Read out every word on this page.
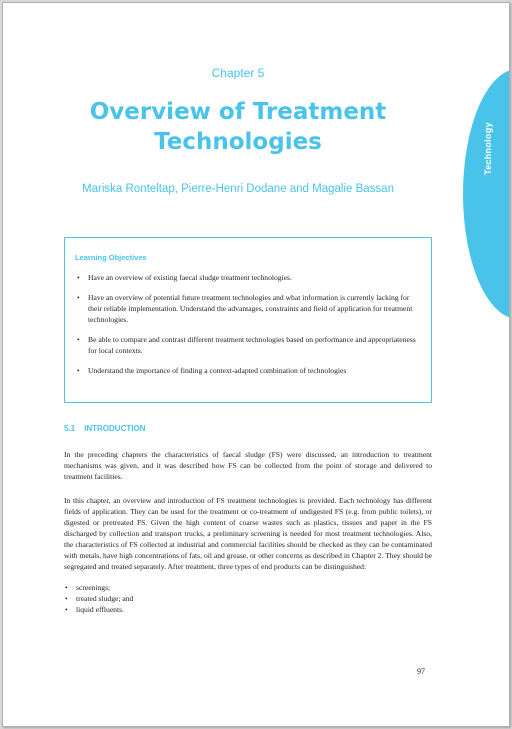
Technology
Chapter 5
Overview of Treatment
Technologies
Mariska Ronteltap, Pierre-Henri Dodane and Magalie Bassan
Learning Objectives
• Have an overview of existing faecal sludge treatment technologies.
• Have an overview of potential future treatment technologies and what information is currently lacking for their reliable implementation. Understand the advantages, constraints and field of application for treatment technologies.
• Be able to compare and contrast different treatment technologies based on performance and appropriateness for local contexts.
• Understand the importance of finding a context-adapted combination of technologies
5.1 INTRODUCTION

In the preceding chapters the characteristics of faecal sludge (FS) were discussed, an introduction to treatment mechanisms was given, and it was described how FS can be collected from the point of storage and delivered to treatment facilities.

In this chapter, an overview and introduction of FS treatment technologies is provided. Each technology has different fields of application. They can be used for the treatment or co-treatment of undigested FS (e.g. from public toilets), or digested or pretreated FS. Given the high content of coarse wastes such as plastics, tissues and paper in the FS discharged by collection and transport trucks, a preliminary screening is needed for most treatment technologies. Also, the characteristics of FS collected at industrial and commercial facilities should be checked as they can be contaminated with metals, have high concentrations of fats, oil and grease, or other concerns as described in Chapter 2. They should be segregated and treated separately. After treatment, three types of end products can be distinguished:

• screenings;
• treated sludge; and
• liquid effluents.
97
